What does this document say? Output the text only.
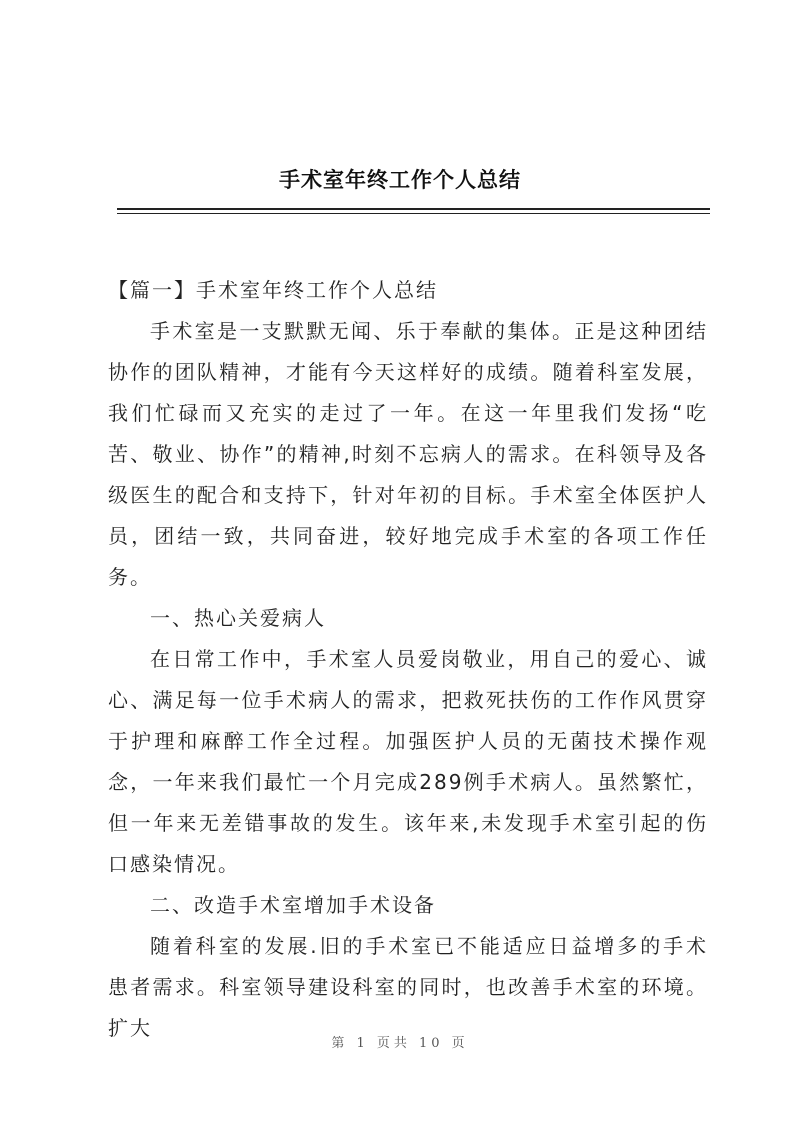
手术室年终工作个人总结

【篇一】手术室年终工作个人总结

手术室是一支默默无闻、乐于奉献的集体。正是这种团结协作的团队精神，才能有今天这样好的成绩。随着科室发展，我们忙碌而又充实的走过了一年。在这一年里我们发扬“吃苦、敬业、协作”的精神,时刻不忘病人的需求。在科领导及各级医生的配合和支持下，针对年初的目标。手术室全体医护人员，团结一致，共同奋进，较好地完成手术室的各项工作任务。

一、热心关爱病人

在日常工作中，手术室人员爱岗敬业，用自己的爱心、诚心、满足每一位手术病人的需求，把救死扶伤的工作作风贯穿于护理和麻醉工作全过程。加强医护人员的无菌技术操作观念，一年来我们最忙一个月完成289例手术病人。虽然繁忙，但一年来无差错事故的发生。该年来,未发现手术室引起的伤口感染情况。

二、改造手术室增加手术设备

随着科室的发展.旧的手术室已不能适应日益增多的手术患者需求。科室领导建设科室的同时，也改善手术室的环境。扩大

第 1 页共 10 页
